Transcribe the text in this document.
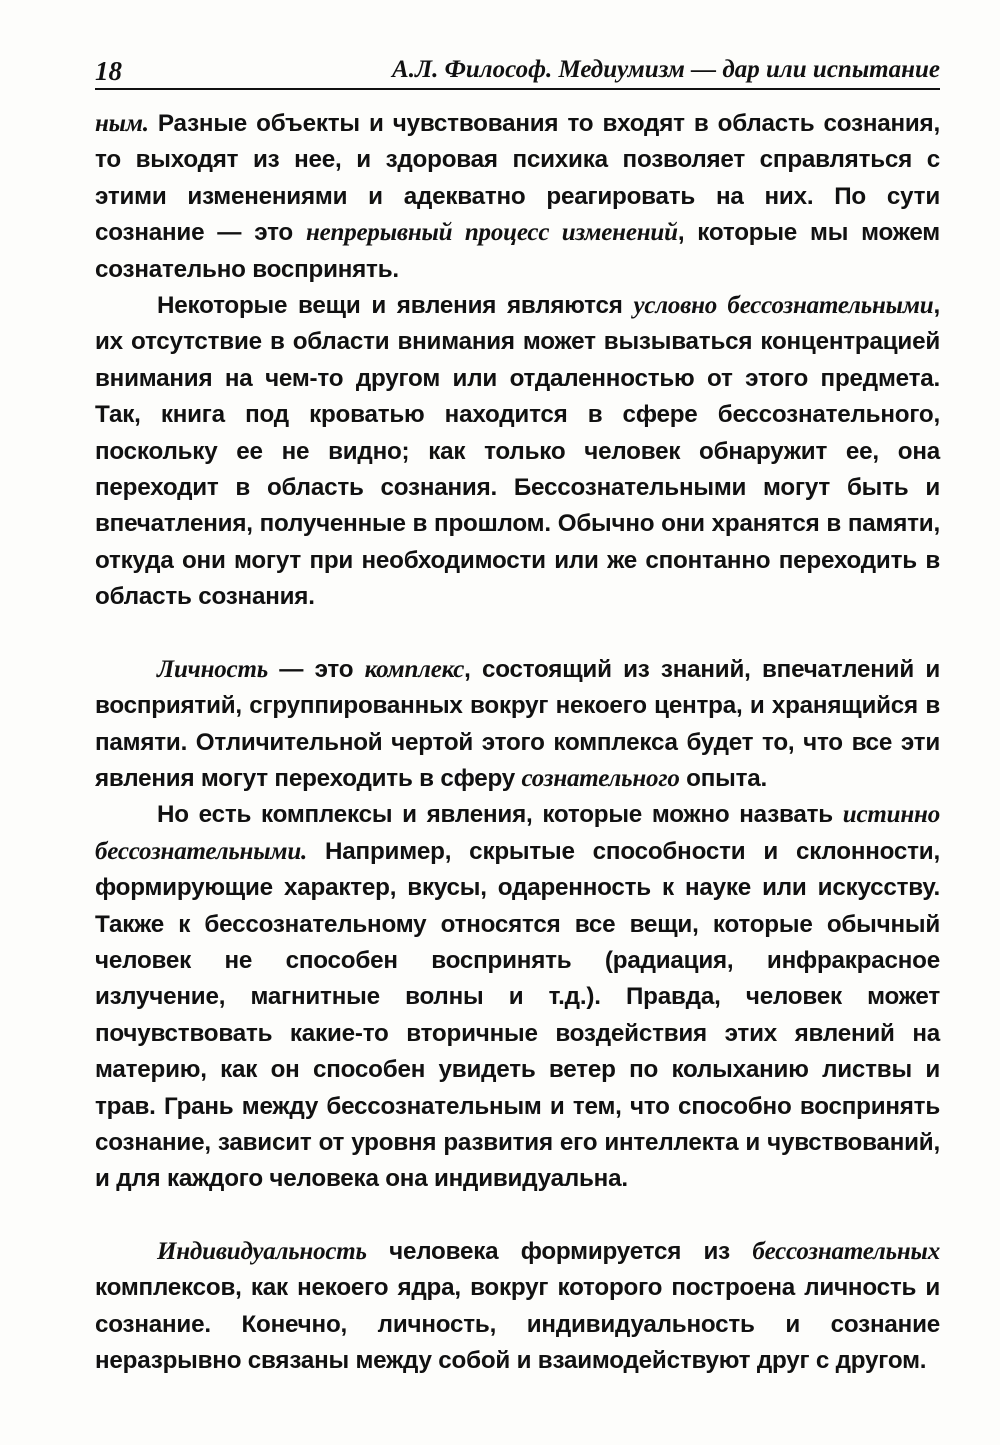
18	А.Л. Философ. Медиумизм — дар или испытание

ным. Разные объекты и чувствования то входят в область сознания, то выходят из нее, и здоровая психика позволяет справляться с этими изменениями и адекватно реагировать на них. По сути сознание — это непрерывный процесс изменений, которые мы можем сознательно воспринять.

Некоторые вещи и явления являются условно бессознательными, их отсутствие в области внимания может вызываться концентрацией внимания на чем-то другом или отдаленностью от этого предмета. Так, книга под кроватью находится в сфере бессознательного, поскольку ее не видно; как только человек обнаружит ее, она переходит в область сознания. Бессознательными могут быть и впечатления, полученные в прошлом. Обычно они хранятся в памяти, откуда они могут при необходимости или же спонтанно переходить в область сознания.

Личность — это комплекс, состоящий из знаний, впечатлений и восприятий, сгруппированных вокруг некоего центра, и хранящийся в памяти. Отличительной чертой этого комплекса будет то, что все эти явления могут переходить в сферу сознательного опыта.

Но есть комплексы и явления, которые можно назвать истинно бессознательными. Например, скрытые способности и склонности, формирующие характер, вкусы, одаренность к науке или искусству. Также к бессознательному относятся все вещи, которые обычный человек не способен воспринять (радиация, инфракрасное излучение, магнитные волны и т.д.). Правда, человек может почувствовать какие-то вторичные воздействия этих явлений на материю, как он способен увидеть ветер по колыханию листвы и трав. Грань между бессознательным и тем, что способно воспринять сознание, зависит от уровня развития его интеллекта и чувствований, и для каждого человека она индивидуальна.

Индивидуальность человека формируется из бессознательных комплексов, как некоего ядра, вокруг которого построена личность и сознание. Конечно, личность, индивидуальность и сознание неразрывно связаны между собой и взаимодействуют друг с другом.
